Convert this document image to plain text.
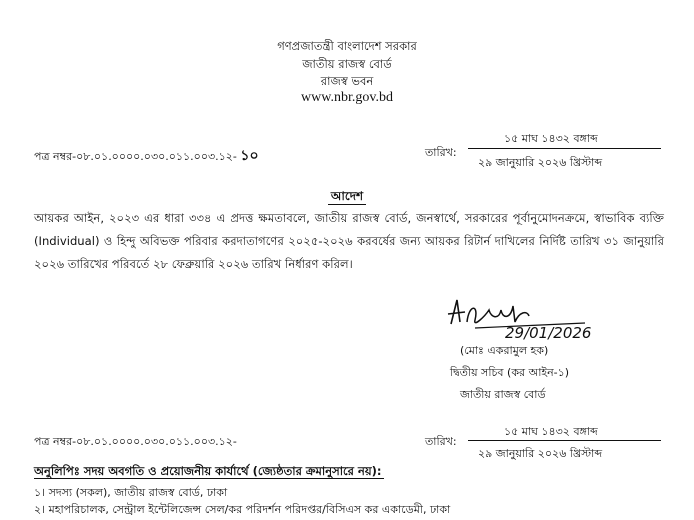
গণপ্রজাতন্ত্রী বাংলাদেশ সরকার
জাতীয় রাজস্ব বোর্ড
রাজস্ব ভবন
www.nbr.gov.bd
পত্র নম্বর-০৮.০১.০০০০.০৩০.০১১.০০৩.১২- ১০	তারিখ:
১৫ মাঘ ১৪৩২ বঙ্গাব্দ
২৯ জানুয়ারি ২০২৬ খ্রিস্টাব্দ
আদেশ
আয়কর আইন, ২০২৩ এর ধারা ৩৩৪ এ প্রদত্ত ক্ষমতাবলে, জাতীয় রাজস্ব বোর্ড, জনস্বার্থে, সরকারের পূর্বানুমোদনক্রমে, স্বাভাবিক ব্যক্তি (Individual) ও হিন্দু অবিভক্ত পরিবার করদাতাগণের ২০২৫-২০২৬ করবর্ষের জন্য আয়কর রিটার্ন দাখিলের নির্দিষ্ট তারিখ ৩১ জানুয়ারি ২০২৬ তারিখের পরিবর্তে ২৮ ফেব্রুয়ারি ২০২৬ তারিখ নির্ধারণ করিল।
29/01/2026
(মোঃ একরামুল হক)
দ্বিতীয় সচিব (কর আইন-১)
জাতীয় রাজস্ব বোর্ড
পত্র নম্বর-০৮.০১.০০০০.০৩০.০১১.০০৩.১২-	তারিখ:
১৫ মাঘ ১৪৩২ বঙ্গাব্দ
২৯ জানুয়ারি ২০২৬ খ্রিস্টাব্দ
অনুলিপিঃ সদয় অবগতি ও প্রয়োজনীয় কার্যার্থে (জ্যেষ্ঠতার ক্রমানুসারে নয়):
১। সদস্য (সকল), জাতীয় রাজস্ব বোর্ড, ঢাকা
২। মহাপরিচালক, সেন্ট্রাল ইন্টেলিজেন্স সেল/কর পরিদর্শন পরিদপ্তর/বিসিএস কর একাডেমী, ঢাকা
